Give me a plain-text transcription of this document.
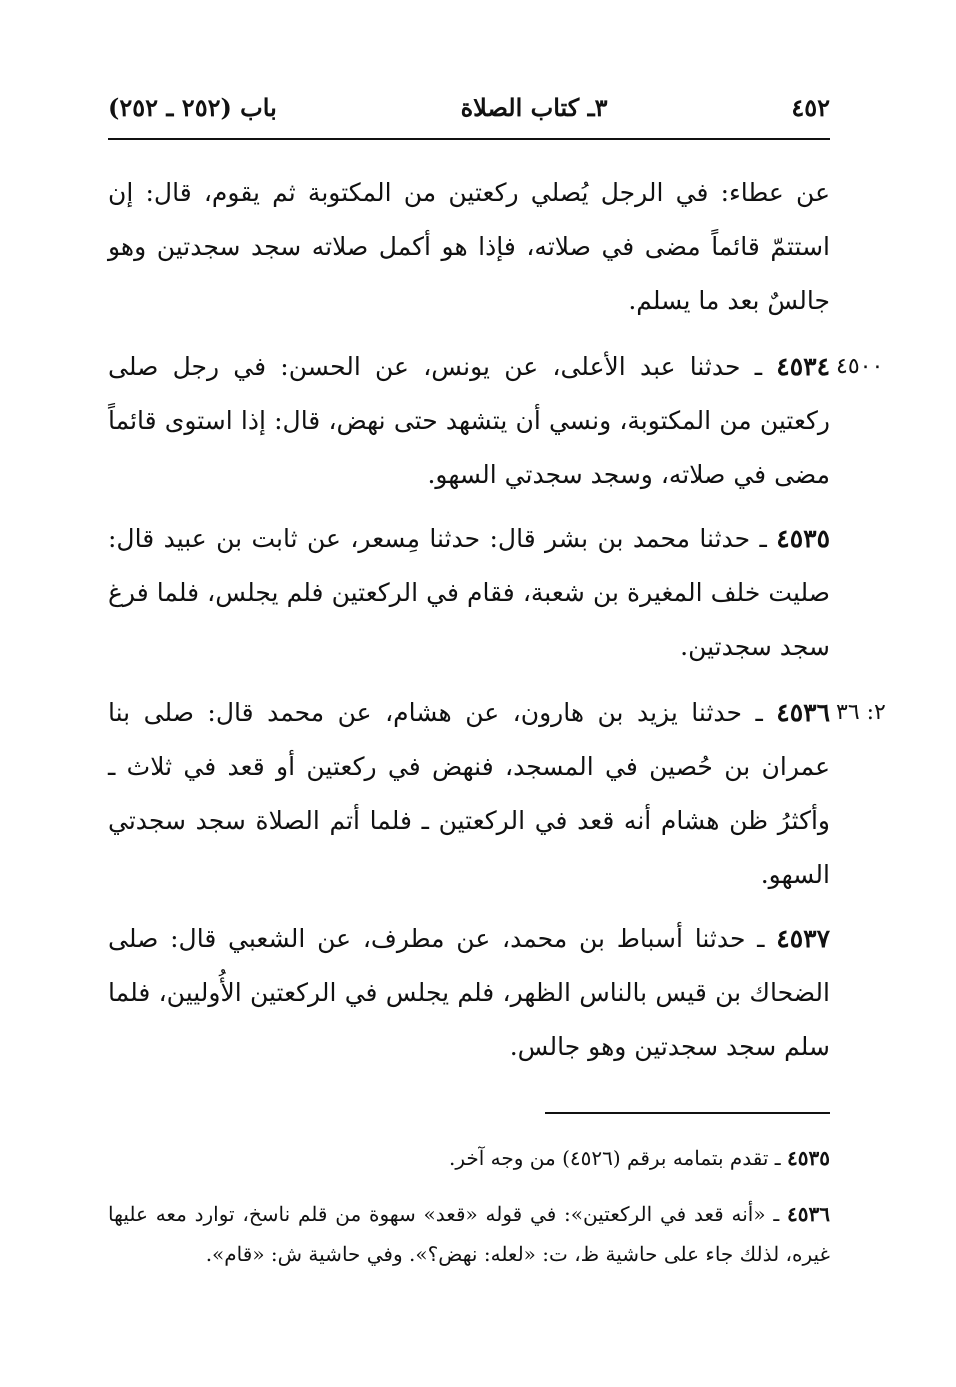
٤٥٢
٣ـ كتاب الصلاة
باب (٢٥٢ ـ ٢٥٢)

عن عطاء: في الرجل يُصلي ركعتين من المكتوبة ثم يقوم، قال: إن استتمّ قائماً مضى في صلاته، فإذا هو أكمل صلاته سجد سجدتين وهو جالسٌ بعد ما يسلم.

٤٥٠٠

٤٥٣٤ ـ حدثنا عبد الأعلى، عن يونس، عن الحسن: في رجل صلى ركعتين من المكتوبة، ونسي أن يتشهد حتى نهض، قال: إذا استوى قائماً مضى في صلاته، وسجد سجدتي السهو.

٤٥٣٥ ـ حدثنا محمد بن بشر قال: حدثنا مِسعر، عن ثابت بن عبيد قال: صليت خلف المغيرة بن شعبة، فقام في الركعتين فلم يجلس، فلما فرغ سجد سجدتين.

٢: ٣٦

٤٥٣٦ ـ حدثنا يزيد بن هارون، عن هشام، عن محمد قال: صلى بنا عمران بن حُصين في المسجد، فنهض في ركعتين أو قعد في ثلاث ـ وأكثرُ ظن هشام أنه قعد في الركعتين ـ فلما أتم الصلاة سجد سجدتي السهو.

٤٥٣٧ ـ حدثنا أسباط بن محمد، عن مطرف، عن الشعبي قال: صلى الضحاك بن قيس بالناس الظهر، فلم يجلس في الركعتين الأُوليين، فلما سلم سجد سجدتين وهو جالس.

٤٥٣٥ ـ تقدم بتمامه برقم (٤٥٢٦) من وجه آخر.

٤٥٣٦ ـ «أنه قعد في الركعتين»: في قوله «قعد» سهوة من قلم ناسخ، توارد معه عليها غيره، لذلك جاء على حاشية ظ، ت: «لعله: نهض؟». وفي حاشية ش: «قام».
